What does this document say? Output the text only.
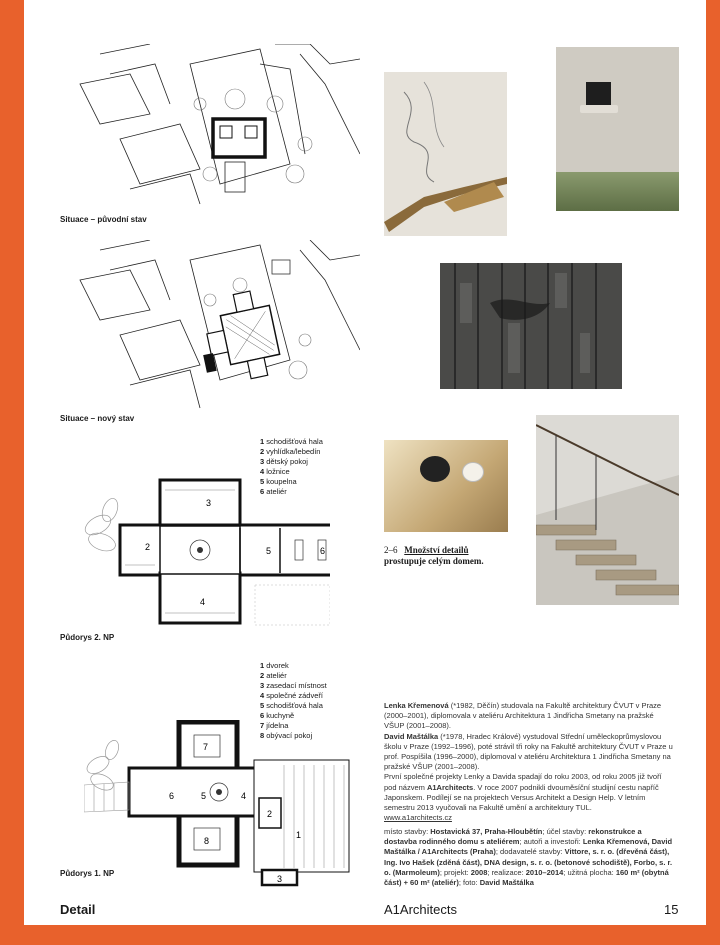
Situace – původní stav
Situace – nový stav
1 schodišťová hala
2 vyhlídka/lebedín
3 dětský pokoj
4 ložnice
5 koupelna
6 ateliér
3
2
4
5	6
Půdorys 2. NP
1 dvorek
2 ateliér
3 zasedací místnost
4 společné zádveří
5 schodišťová hala
6 kuchyně
7 jídelna
8 obývací pokoj
7
6	5	4
2
1
8
3
Půdorys 1. NP
2–6 Množství detailů
prostupuje celým domem.

Lenka Křemenová (*1982, Děčín) studovala na Fakultě architektury ČVUT v Praze (2000–2001), diplomovala v ateliéru Architektura 1 Jindřicha Smetany na pražské VŠUP (2001–2008).

David Maštálka (*1978, Hradec Králové) vystudoval Střední uměleckoprůmyslovou školu v Praze (1992–1996), poté strávil tři roky na Fakultě architektury ČVUT v Praze u prof. Pospíšila (1996–2000), diplomoval v ateliéru Architektura 1 Jindřicha Smetany na pražské VŠUP (2001–2008).

První společné projekty Lenky a Davida spadají do roku 2003, od roku 2005 již tvoří pod názvem A1Architects. V roce 2007 podnikli dvouměsíční studijní cestu napříč Japonskem. Podílejí se na projektech Versus Architekt a Design Help. V letním semestru 2013 vyučovali na Fakultě umění a architektury TUL.

www.a1architects.cz

místo stavby: Hostavická 37, Praha-Hloubětín; účel stavby: rekonstrukce a dostavba rodinného domu s ateliérem; autoři a investoři: Lenka Křemenová, David Maštálka / A1Architects (Praha); dodavatelé stavby: Vittore, s. r. o. (dřevěná část), Ing. Ivo Hašek (zděná část), DNA design, s. r. o. (betonové schodiště), Forbo, s. r. o. (Marmoleum); projekt: 2008; realizace: 2010–2014; užitná plocha: 160 m² (obytná část) + 60 m² (ateliér); foto: David Maštálka
Detail	A1Architects	15
